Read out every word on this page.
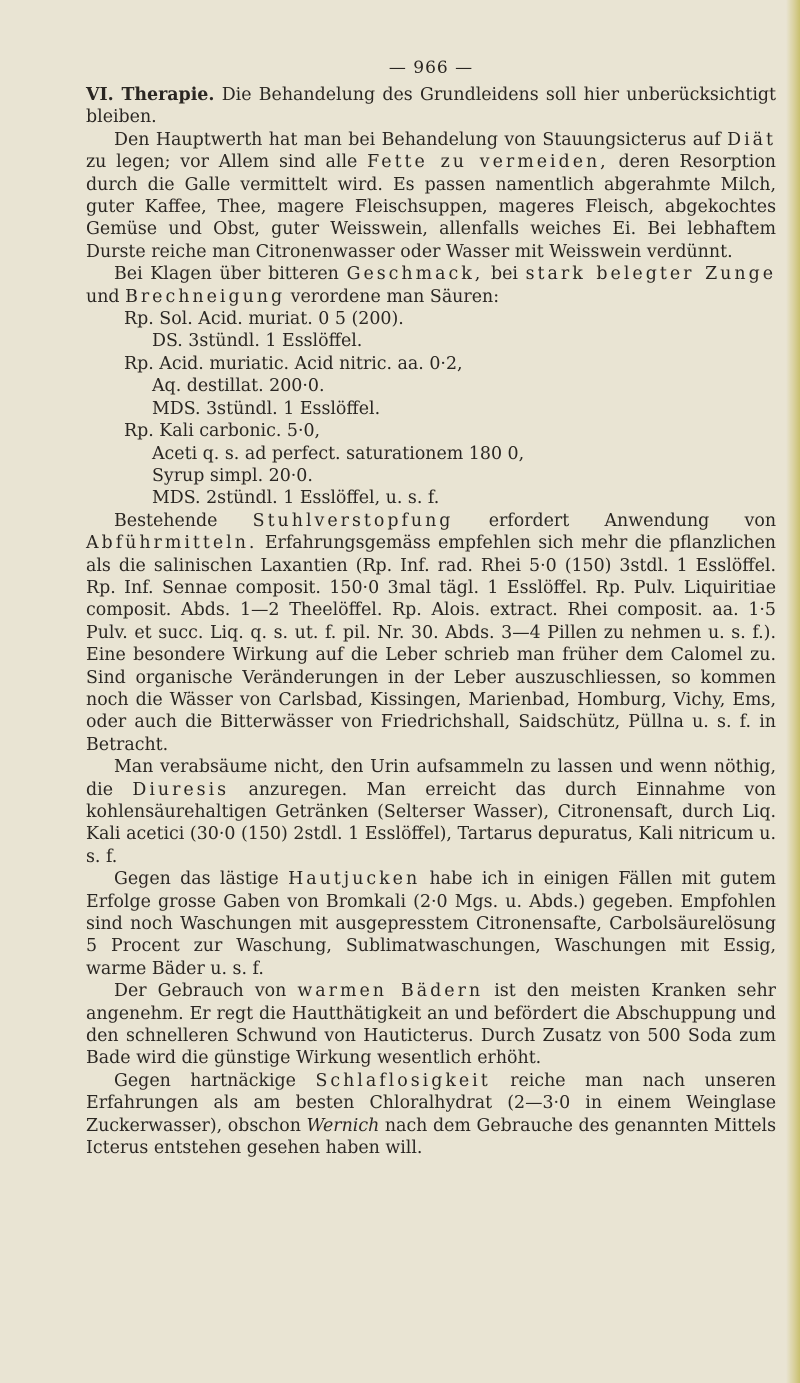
— 966 —

VI. Therapie. Die Behandelung des Grundleidens soll hier unberücksichtigt bleiben.

Den Hauptwerth hat man bei Behandelung von Stauungsicterus auf Diät zu legen; vor Allem sind alle Fette zu vermeiden, deren Resorption durch die Galle vermittelt wird. Es passen namentlich abgerahmte Milch, guter Kaffee, Thee, magere Fleischsuppen, mageres Fleisch, abgekochtes Gemüse und Obst, guter Weisswein, allenfalls weiches Ei. Bei lebhaftem Durste reiche man Citronenwasser oder Wasser mit Weisswein verdünnt.

Bei Klagen über bitteren Geschmack, bei stark belegter Zunge und Brechneigung verordene man Säuren:

Rp. Sol. Acid. muriat. 0 5 (200).
DS. 3stündl. 1 Esslöffel.
Rp. Acid. muriatic. Acid nitric. aa. 0·2,
Aq. destillat. 200·0.
MDS. 3stündl. 1 Esslöffel.
Rp. Kali carbonic. 5·0,
Aceti q. s. ad perfect. saturationem 180 0,
Syrup simpl. 20·0.
MDS. 2stündl. 1 Esslöffel, u. s. f.

Bestehende Stuhlverstopfung erfordert Anwendung von Abführmitteln. Erfahrungsgemäss empfehlen sich mehr die pflanzlichen als die salinischen Laxantien (Rp. Inf. rad. Rhei 5·0 (150) 3stdl. 1 Esslöffel. Rp. Inf. Sennae composit. 150·0 3mal tägl. 1 Esslöffel. Rp. Pulv. Liquiritiae composit. Abds. 1—2 Theelöffel. Rp. Alois. extract. Rhei composit. aa. 1·5 Pulv. et succ. Liq. q. s. ut. f. pil. Nr. 30. Abds. 3—4 Pillen zu nehmen u. s. f.). Eine besondere Wirkung auf die Leber schrieb man früher dem Calomel zu. Sind organische Veränderungen in der Leber auszuschliessen, so kommen noch die Wässer von Carlsbad, Kissingen, Marienbad, Homburg, Vichy, Ems, oder auch die Bitterwässer von Friedrichshall, Saidschütz, Püllna u. s. f. in Betracht.

Man verabsäume nicht, den Urin aufsammeln zu lassen und wenn nöthig, die Diuresis anzuregen. Man erreicht das durch Einnahme von kohlensäurehaltigen Getränken (Selterser Wasser), Citronensaft, durch Liq. Kali acetici (30·0 (150) 2stdl. 1 Esslöffel), Tartarus depuratus, Kali nitricum u. s. f.

Gegen das lästige Hautjucken habe ich in einigen Fällen mit gutem Erfolge grosse Gaben von Bromkali (2·0 Mgs. u. Abds.) gegeben. Empfohlen sind noch Waschungen mit ausgepresstem Citronensafte, Carbolsäurelösung 5 Procent zur Waschung, Sublimatwaschungen, Waschungen mit Essig, warme Bäder u. s. f.

Der Gebrauch von warmen Bädern ist den meisten Kranken sehr angenehm. Er regt die Hautthätigkeit an und befördert die Abschuppung und den schnelleren Schwund von Hauticterus. Durch Zusatz von 500 Soda zum Bade wird die günstige Wirkung wesentlich erhöht.

Gegen hartnäckige Schlaflosigkeit reiche man nach unseren Erfahrungen als am besten Chloralhydrat (2—3·0 in einem Weinglase Zuckerwasser), obschon Wernich nach dem Gebrauche des genannten Mittels Icterus entstehen gesehen haben will.
